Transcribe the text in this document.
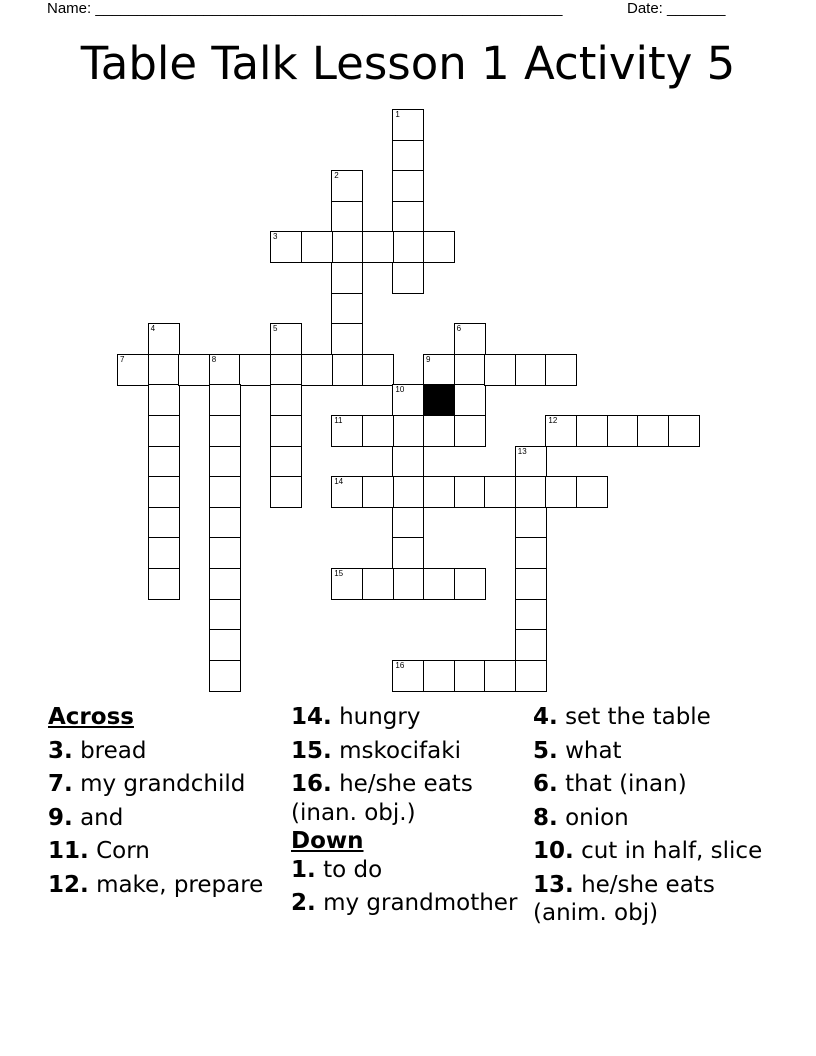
Name: ________________________________________________________	Date: _______
Table Talk Lesson 1 Activity 5
1
2
3
4	5	6
7	8	9
10
11	12
13
14
15
16
Across
3. bread
7. my grandchild
9. and
11. Corn
12. make, prepare
14. hungry
15. mskocifaki
16. he/she eats (inan. obj.)
Down
1. to do
2. my grandmother
4. set the table
5. what
6. that (inan)
8. onion
10. cut in half, slice
13. he/she eats (anim. obj)
